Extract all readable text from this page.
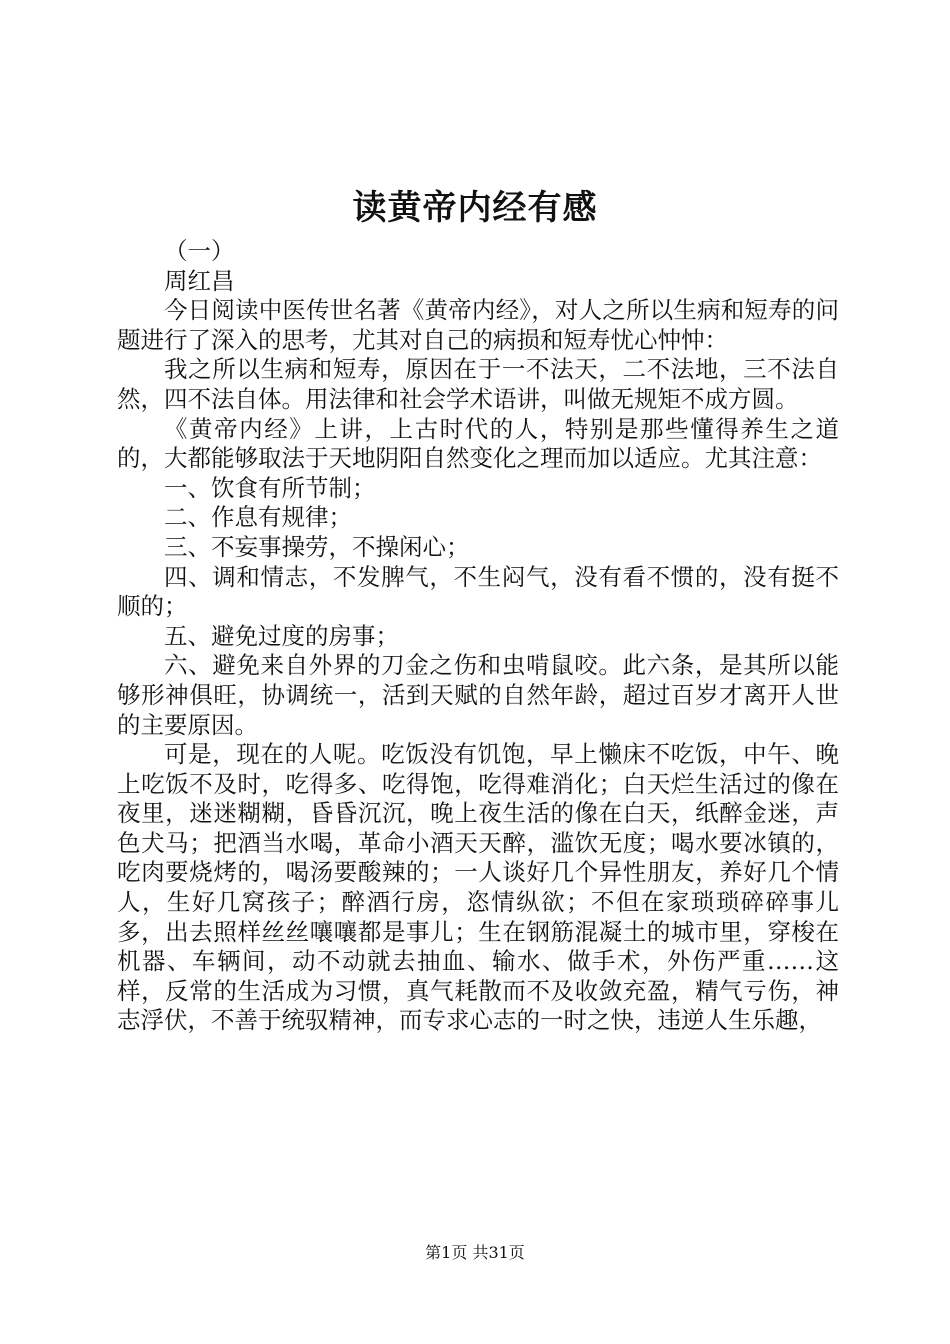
读黄帝内经有感

（一）

周红昌

今日阅读中医传世名著《黄帝内经》，对人之所以生病和短寿的问题进行了深入的思考，尤其对自己的病损和短寿忧心忡忡：

我之所以生病和短寿，原因在于一不法天，二不法地，三不法自然，四不法自体。用法律和社会学术语讲，叫做无规矩不成方圆。

《黄帝内经》上讲，上古时代的人，特别是那些懂得养生之道的，大都能够取法于天地阴阳自然变化之理而加以适应。尤其注意：

一、饮食有所节制；

二、作息有规律；

三、不妄事操劳，不操闲心；

四、调和情志，不发脾气，不生闷气，没有看不惯的，没有挺不顺的；

五、避免过度的房事；

六、避免来自外界的刀金之伤和虫啃鼠咬。此六条，是其所以能够形神俱旺，协调统一，活到天赋的自然年龄，超过百岁才离开人世的主要原因。

可是，现在的人呢。吃饭没有饥饱，早上懒床不吃饭，中午、晚上吃饭不及时，吃得多、吃得饱，吃得难消化；白天烂生活过的像在夜里，迷迷糊糊，昏昏沉沉，晚上夜生活的像在白天，纸醉金迷，声色犬马；把酒当水喝，革命小酒天天醉，滥饮无度；喝水要冰镇的，吃肉要烧烤的，喝汤要酸辣的；一人谈好几个异性朋友，养好几个情人，生好几窝孩子；醉酒行房，恣情纵欲；不但在家琐琐碎碎事儿多，出去照样丝丝嚷嚷都是事儿；生在钢筋混凝土的城市里，穿梭在机器、车辆间，动不动就去抽血、输水、做手术，外伤严重……这样，反常的生活成为习惯，真气耗散而不及收敛充盈，精气亏伤，神志浮伏，不善于统驭精神，而专求心志的一时之快，违逆人生乐趣，

第1页 共31页
